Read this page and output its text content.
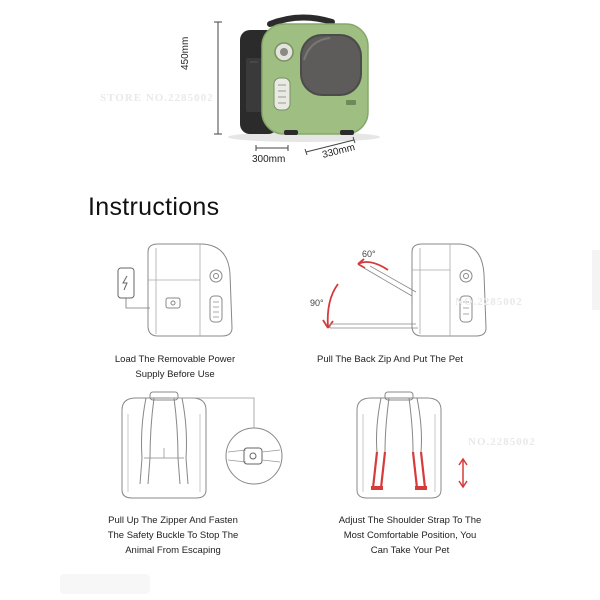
450mm
300mm	330mm
STORE NO.2285002
Instructions
Load The Removable Power
Supply Before Use
60°
90°
Pull The Back Zip And Put The Pet
Pull Up The Zipper And Fasten
The Safety Buckle To Stop The
Animal From Escaping
Adjust The Shoulder Strap To The
Most Comfortable Position, You
Can Take Your Pet
NO.2285002
NO.2285002
